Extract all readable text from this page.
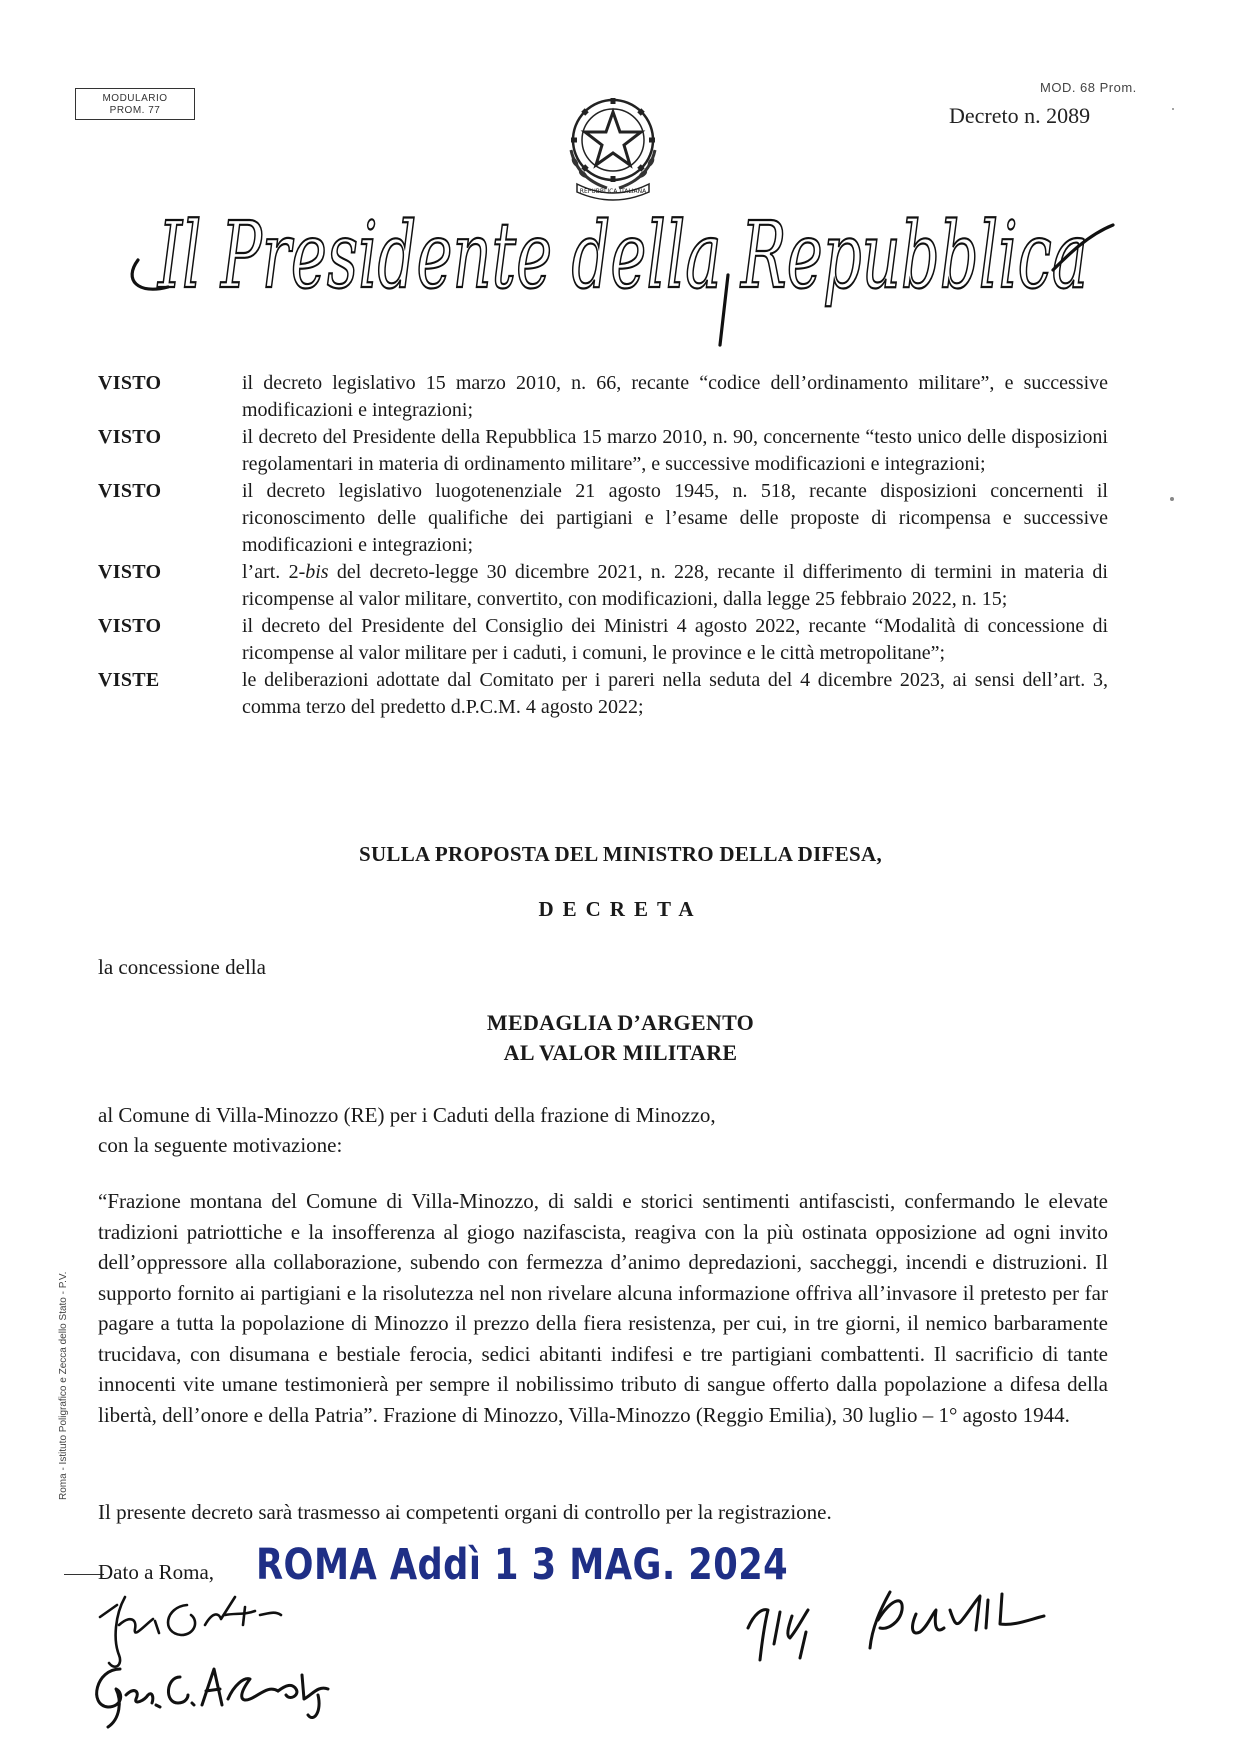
MODULARIO
PROM. 77
MOD. 68 Prom.
Decreto n. 2089
REPUBBLICA ITALIANA
Il Presidente della Repubblica
VISTO	il decreto legislativo 15 marzo 2010, n. 66, recante “codice dell’ordinamento militare”, e successive modificazioni e integrazioni;
VISTO	il decreto del Presidente della Repubblica 15 marzo 2010, n. 90, concernente “testo unico delle disposizioni regolamentari in materia di ordinamento militare”, e successive modificazioni e integrazioni;
VISTO	il decreto legislativo luogotenenziale 21 agosto 1945, n. 518, recante disposizioni concernenti il riconoscimento delle qualifiche dei partigiani e l’esame delle proposte di ricompensa e successive modificazioni e integrazioni;
VISTO	l’art. 2-bis del decreto-legge 30 dicembre 2021, n. 228, recante il differimento di termini in materia di ricompense al valor militare, convertito, con modificazioni, dalla legge 25 febbraio 2022, n. 15;
VISTO	il decreto del Presidente del Consiglio dei Ministri 4 agosto 2022, recante “Modalità di concessione di ricompense al valor militare per i caduti, i comuni, le province e le città metropolitane”;
VISTE	le deliberazioni adottate dal Comitato per i pareri nella seduta del 4 dicembre 2023, ai sensi dell’art. 3, comma terzo del predetto d.P.C.M. 4 agosto 2022;
SULLA PROPOSTA DEL MINISTRO DELLA DIFESA,
DECRETA
la concessione della
MEDAGLIA D’ARGENTO
AL VALOR MILITARE
al Comune di Villa-Minozzo (RE) per i Caduti della frazione di Minozzo,
con la seguente motivazione:
“Frazione montana del Comune di Villa-Minozzo, di saldi e storici sentimenti antifascisti, confermando le elevate tradizioni patriottiche e la insofferenza al giogo nazifascista, reagiva con la più ostinata opposizione ad ogni invito dell’oppressore alla collaborazione, subendo con fermezza d’animo depredazioni, saccheggi, incendi e distruzioni. Il supporto fornito ai partigiani e la risolutezza nel non rivelare alcuna informazione offriva all’invasore il pretesto per far pagare a tutta la popolazione di Minozzo il prezzo della fiera resistenza, per cui, in tre giorni, il nemico barbaramente trucidava, con disumana e bestiale ferocia, sedici abitanti indifesi e tre partigiani combattenti. Il sacrificio di tante innocenti vite umane testimonierà per sempre il nobilissimo tributo di sangue offerto dalla popolazione a difesa della libertà, dell’onore e della Patria”. Frazione di Minozzo, Villa-Minozzo (Reggio Emilia), 30 luglio – 1° agosto 1944.
Il presente decreto sarà trasmesso ai competenti organi di controllo per la registrazione.
Dato a Roma, ROMA Addì 1 3 MAG. 2024
Roma - Istituto Poligrafico e Zecca dello Stato - P.V.
